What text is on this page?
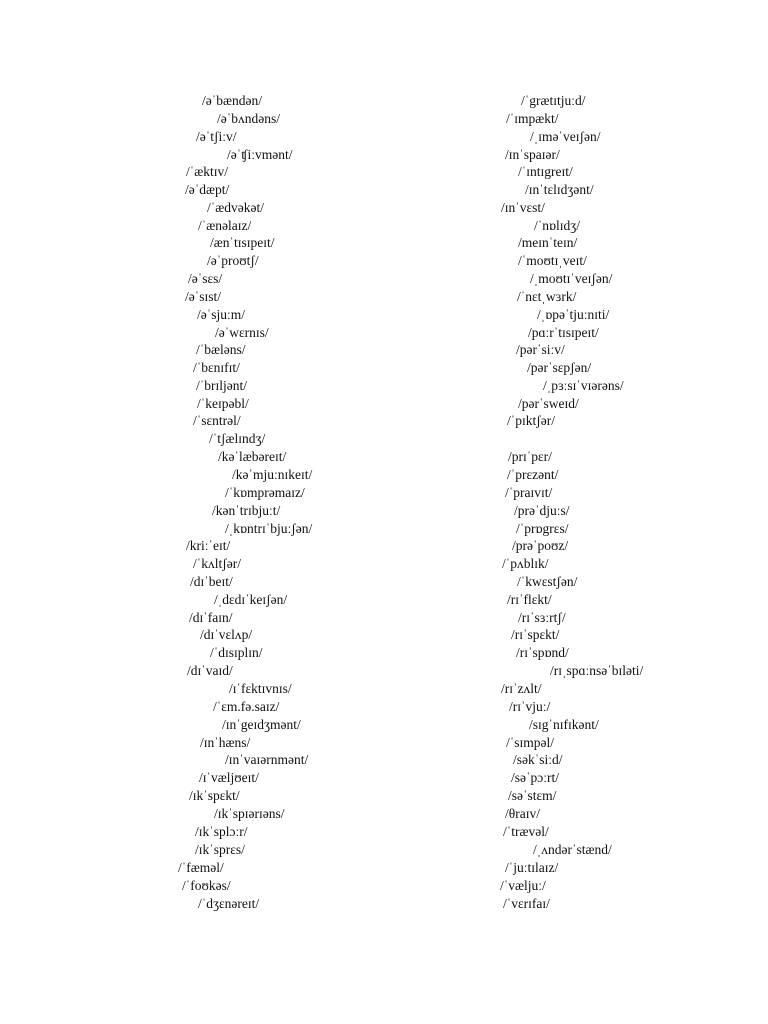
/əˈbændən/
/əˈbʌndəns/
/əˈtʃiːv/
/əˈʧiːvmənt/
/ˈæktɪv/
/əˈdæpt/
/ˈædvəkət/
/ˈænəlaɪz/
/ænˈtɪsɪpeɪt/
/əˈproʊtʃ/
/əˈsɛs/
/əˈsɪst/
/əˈsjuːm/
/əˈwɛrnɪs/
/ˈbæləns/
/ˈbɛnɪfɪt/
/ˈbrɪljənt/
/ˈkeɪpəbl/
/ˈsɛntrəl/
/ˈtʃælɪndʒ/
/kəˈlæbəreɪt/
/kəˈmjuːnɪkeɪt/
/ˈkɒmprəmaɪz/
/kənˈtrɪbjuːt/
/ˌkɒntrɪˈbjuːʃən/
/kriːˈeɪt/
/ˈkʌltʃər/
/dɪˈbeɪt/
/ˌdɛdɪˈkeɪʃən/
/dɪˈfaɪn/
/dɪˈvɛlʌp/
/ˈdɪsɪplɪn/
/dɪˈvaɪd/
/ɪˈfɛktɪvnɪs/
/ˈɛm.fə.saɪz/
/ɪnˈgeɪdʒmənt/
/ɪnˈhæns/
/ɪnˈvaɪərnmənt/
/ɪˈvæljʊeɪt/
/ɪkˈspɛkt/
/ɪkˈspɪərɪəns/
/ɪkˈsplɔːr/
/ɪkˈsprɛs/
/ˈfæməl/
/ˈfoʊkəs/
/ˈdʒɛnəreɪt/
/ˈgrætɪtjuːd/
/ˈɪmpækt/
/ˌɪməˈveɪʃən/
/ɪnˈspaɪər/
/ˈɪntɪgreɪt/
/ɪnˈtɛlɪdʒənt/
/ɪnˈvɛst/
/ˈnɒlɪdʒ/
/meɪnˈteɪn/
/ˈmoʊtɪˌveɪt/
/ˌmoʊtɪˈveɪʃən/
/ˈnɛtˌwɜrk/
/ˌɒpəˈtjuːnɪti/
/pɑːrˈtɪsɪpeɪt/
/pərˈsiːv/
/pərˈsɛpʃən/
/ˌpɜːsɪˈvɪərəns/
/pərˈsweɪd/
/ˈpɪktʃər/
/prɪˈpɛr/
/ˈprɛzənt/
/ˈpraɪvɪt/
/prəˈdjuːs/
/ˈprɒgrɛs/
/prəˈpoʊz/
/ˈpʌblɪk/
/ˈkwɛstʃən/
/rɪˈflɛkt/
/rɪˈsɜːrtʃ/
/rɪˈspɛkt/
/rɪˈspɒnd/
/rɪˌspɑːnsəˈbɪləti/
/rɪˈzʌlt/
/rɪˈvjuː/
/sɪgˈnɪfɪkənt/
/ˈsɪmpəl/
/səkˈsiːd/
/səˈpɔːrt/
/səˈstɛm/
/θraɪv/
/ˈtrævəl/
/ˌʌndərˈstænd/
/ˈjuːtɪlaɪz/
/ˈvæljuː/
/ˈvɛrɪfaɪ/
